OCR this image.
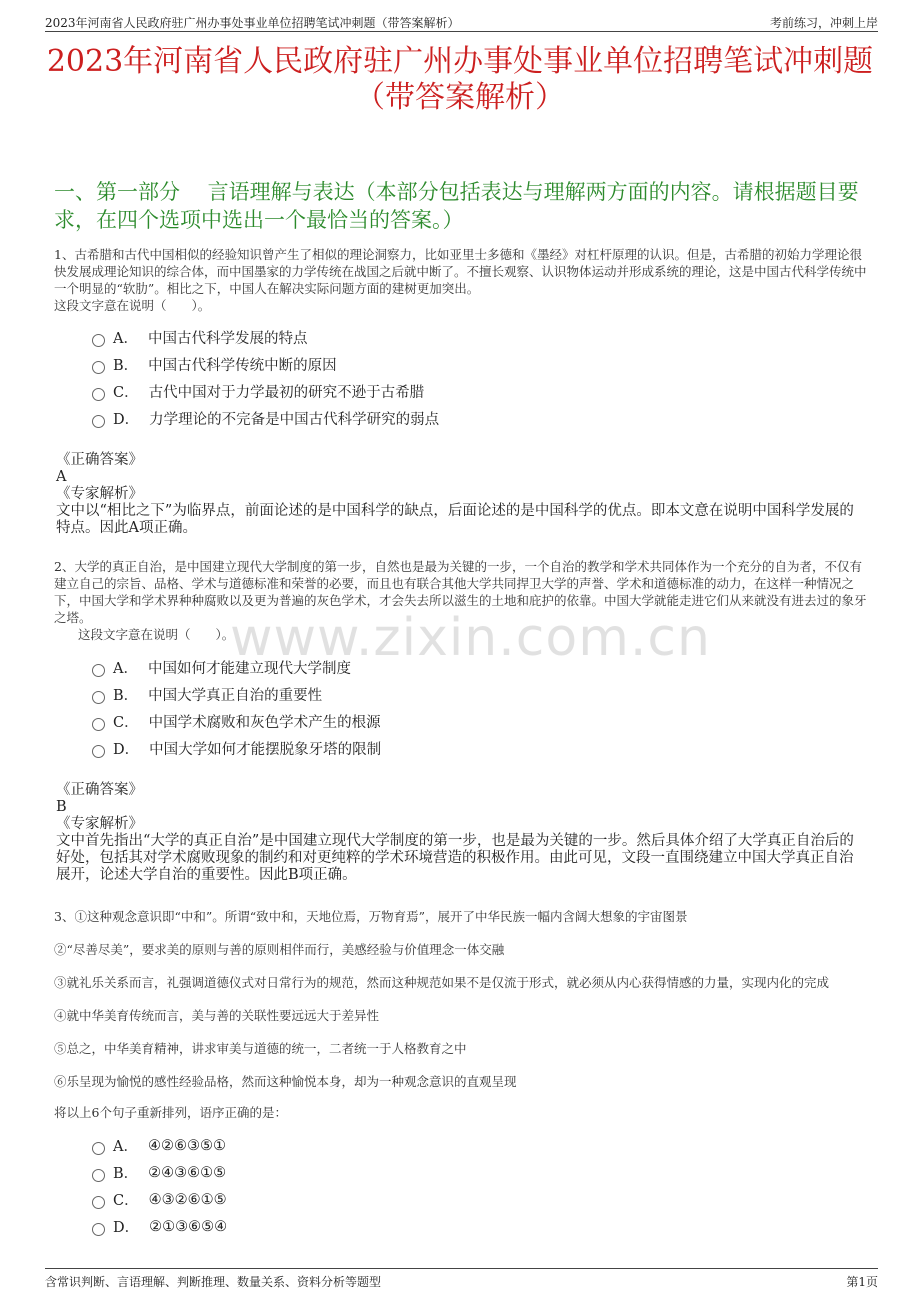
2023年河南省人民政府驻广州办事处事业单位招聘笔试冲刺题（带答案解析）	考前练习，冲刺上岸
2023年河南省人民政府驻广州办事处事业单位招聘笔试冲刺题
（带答案解析）
一、第一部分　 言语理解与表达（本部分包括表达与理解两方面的内容。请根据题目要求，在四个选项中选出一个最恰当的答案。）
www.zixin.com.cn
1、古希腊和古代中国相似的经验知识曾产生了相似的理论洞察力，比如亚里士多德和《墨经》对杠杆原理的认识。但是，古希腊的初始力学理论很快发展成理论知识的综合体，而中国墨家的力学传统在战国之后就中断了。不擅长观察、认识物体运动并形成系统的理论，这是中国古代科学传统中一个明显的“软肋”。相比之下，中国人在解决实际问题方面的建树更加突出。
这段文字意在说明（　　）。
A． 中国古代科学发展的特点
B． 中国古代科学传统中断的原因
C． 古代中国对于力学最初的研究不逊于古希腊
D． 力学理论的不完备是中国古代科学研究的弱点
《正确答案》
A
《专家解析》
文中以“相比之下”为临界点，前面论述的是中国科学的缺点，后面论述的是中国科学的优点。即本文意在说明中国科学发展的特点。因此A项正确。
2、大学的真正自治，是中国建立现代大学制度的第一步，自然也是最为关键的一步，一个自治的教学和学术共同体作为一个充分的自为者，不仅有建立自己的宗旨、品格、学术与道德标准和荣誉的必要，而且也有联合其他大学共同捍卫大学的声誉、学术和道德标准的动力，在这样一种情况之下，中国大学和学术界种种腐败以及更为普遍的灰色学术，才会失去所以滋生的土地和庇护的依靠。中国大学就能走进它们从来就没有进去过的象牙之塔。
这段文字意在说明（　　）。
A． 中国如何才能建立现代大学制度
B． 中国大学真正自治的重要性
C． 中国学术腐败和灰色学术产生的根源
D． 中国大学如何才能摆脱象牙塔的限制
《正确答案》
B
《专家解析》
文中首先指出“大学的真正自治”是中国建立现代大学制度的第一步，也是最为关键的一步。然后具体介绍了大学真正自治后的好处，包括其对学术腐败现象的制约和对更纯粹的学术环境营造的积极作用。由此可见，文段一直围绕建立中国大学真正自治展开，论述大学自治的重要性。因此B项正确。
3、①这种观念意识即“中和”。所谓“致中和，天地位焉，万物育焉”，展开了中华民族一幅内含阔大想象的宇宙图景
②“尽善尽美”，要求美的原则与善的原则相伴而行，美感经验与价值理念一体交融
③就礼乐关系而言，礼强调道德仪式对日常行为的规范，然而这种规范如果不是仅流于形式，就必须从内心获得情感的力量，实现内化的完成
④就中华美育传统而言，美与善的关联性要远远大于差异性
⑤总之，中华美育精神，讲求审美与道德的统一，二者统一于人格教育之中
⑥乐呈现为愉悦的感性经验品格，然而这种愉悦本身，却为一种观念意识的直观呈现
将以上6个句子重新排列，语序正确的是：
A． ④②⑥③⑤①
B． ②④③⑥①⑤
C． ④③②⑥①⑤
D． ②①③⑥⑤④
含常识判断、言语理解、判断推理、数量关系、资料分析等题型	第1页
